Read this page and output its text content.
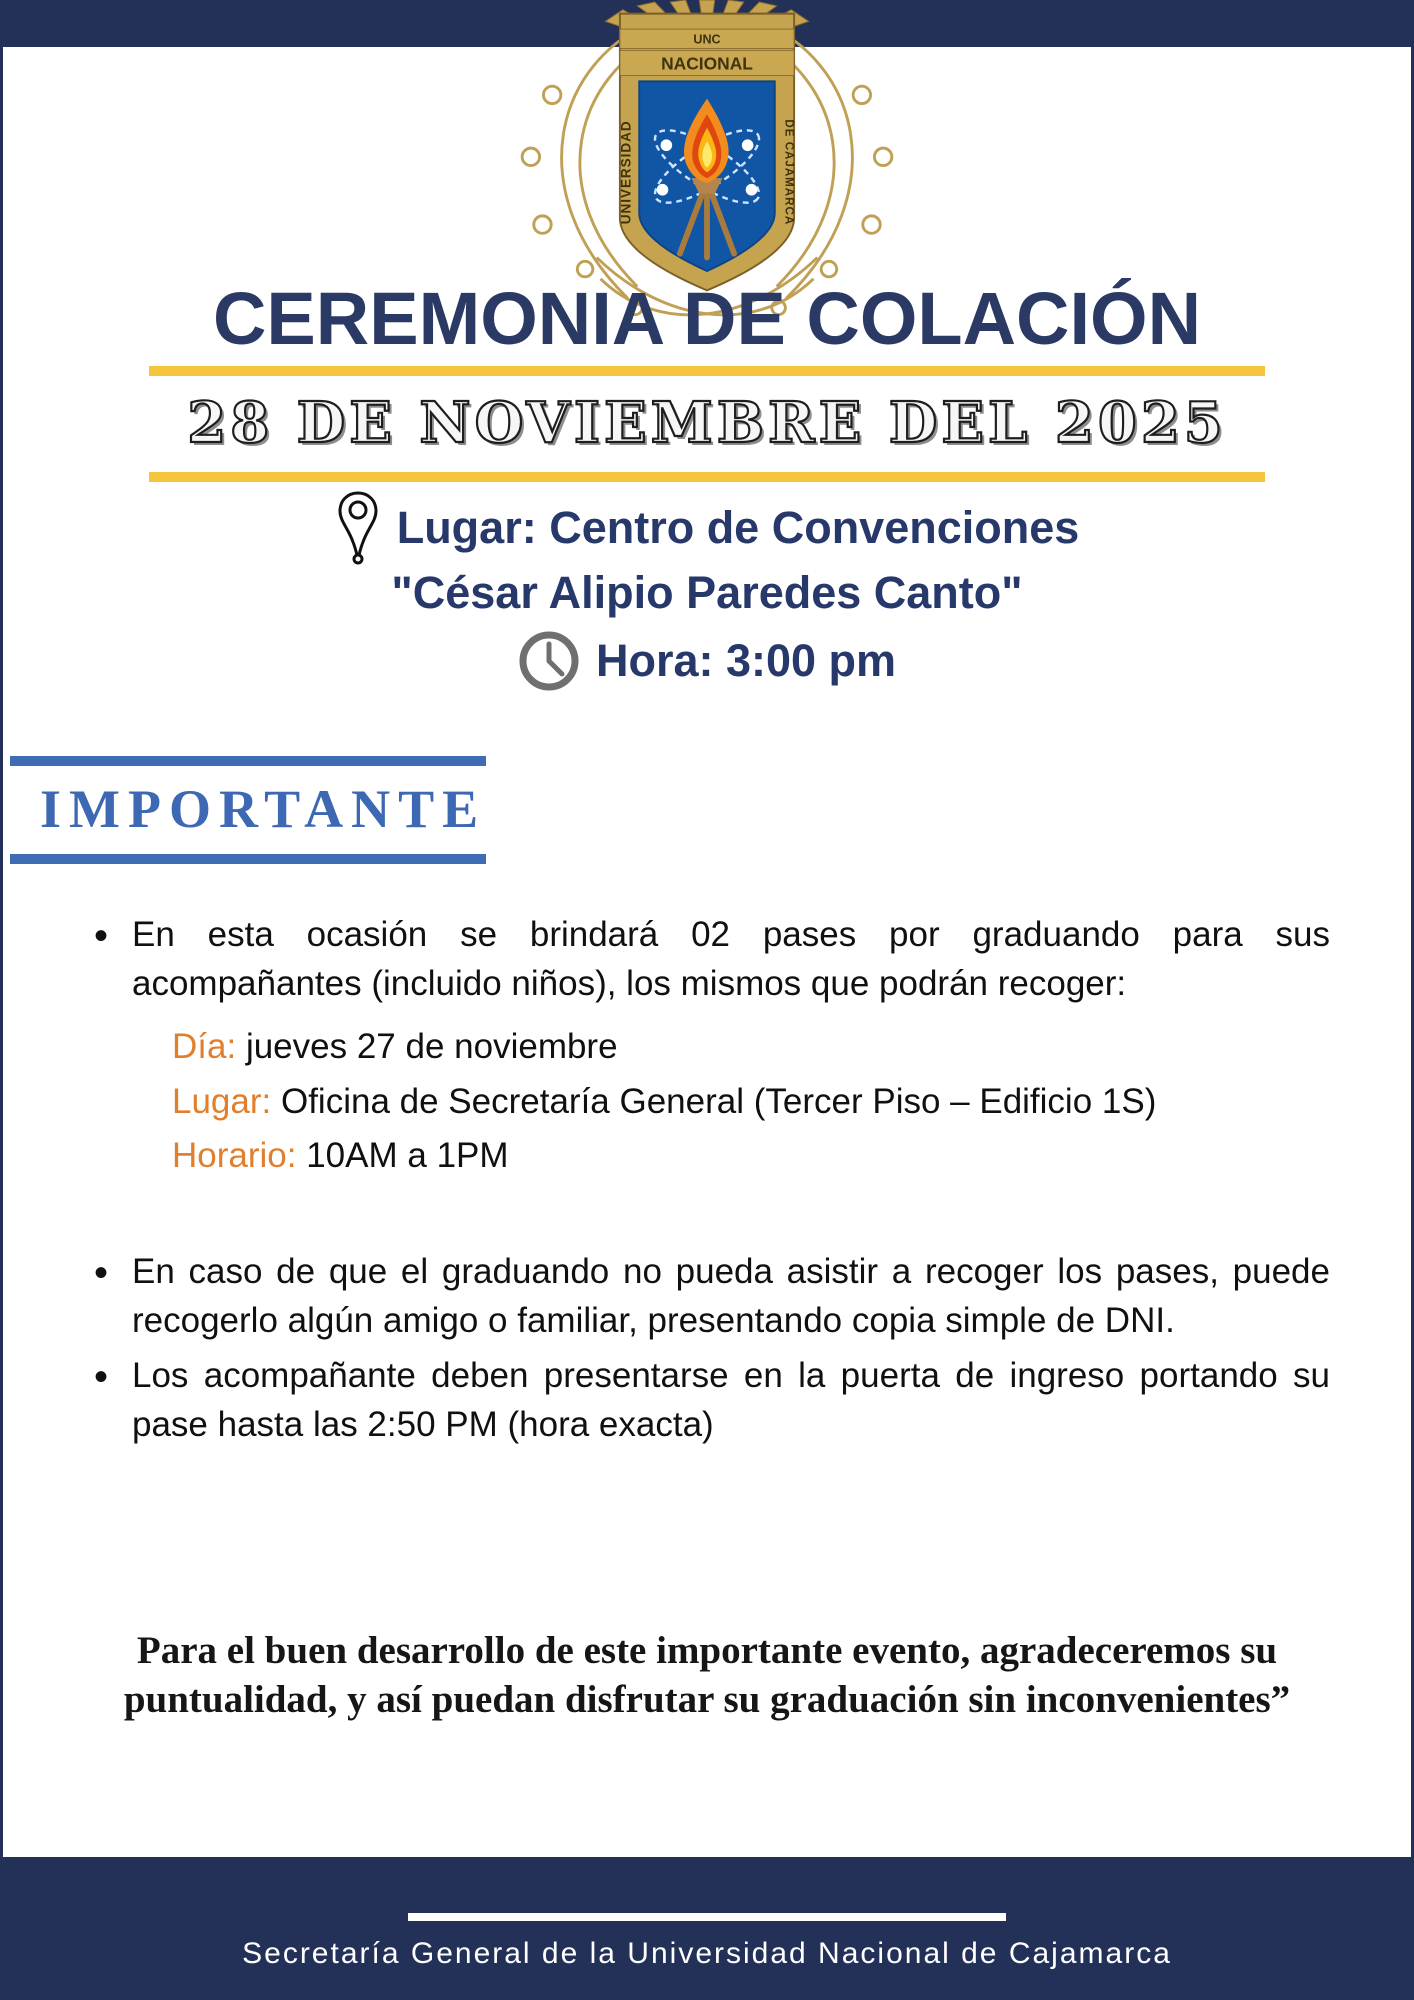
UNC
NACIONAL
UNIVERSIDAD	DE CAJAMARCA
CEREMONIA DE COLACIÓN
28 DE NOVIEMBRE DEL 2025
Lugar: Centro de Convenciones
"César Alipio Paredes Canto"
Hora: 3:00 pm
IMPORTANTE
• En esta ocasión se brindará 02 pases por graduando para sus acompañantes (incluido niños), los mismos que podrán recoger:
Día: jueves 27 de noviembre
Lugar: Oficina de Secretaría General (Tercer Piso – Edificio 1S)
Horario: 10AM a 1PM
• En caso de que el graduando no pueda asistir a recoger los pases, puede recogerlo algún amigo o familiar, presentando copia simple de DNI.
• Los acompañante deben presentarse en la puerta de ingreso portando su pase hasta las 2:50 PM (hora exacta)
Para el buen desarrollo de este importante evento, agradeceremos su
puntualidad, y así puedan disfrutar su graduación sin inconvenientes”
Secretaría General de la Universidad Nacional de Cajamarca
